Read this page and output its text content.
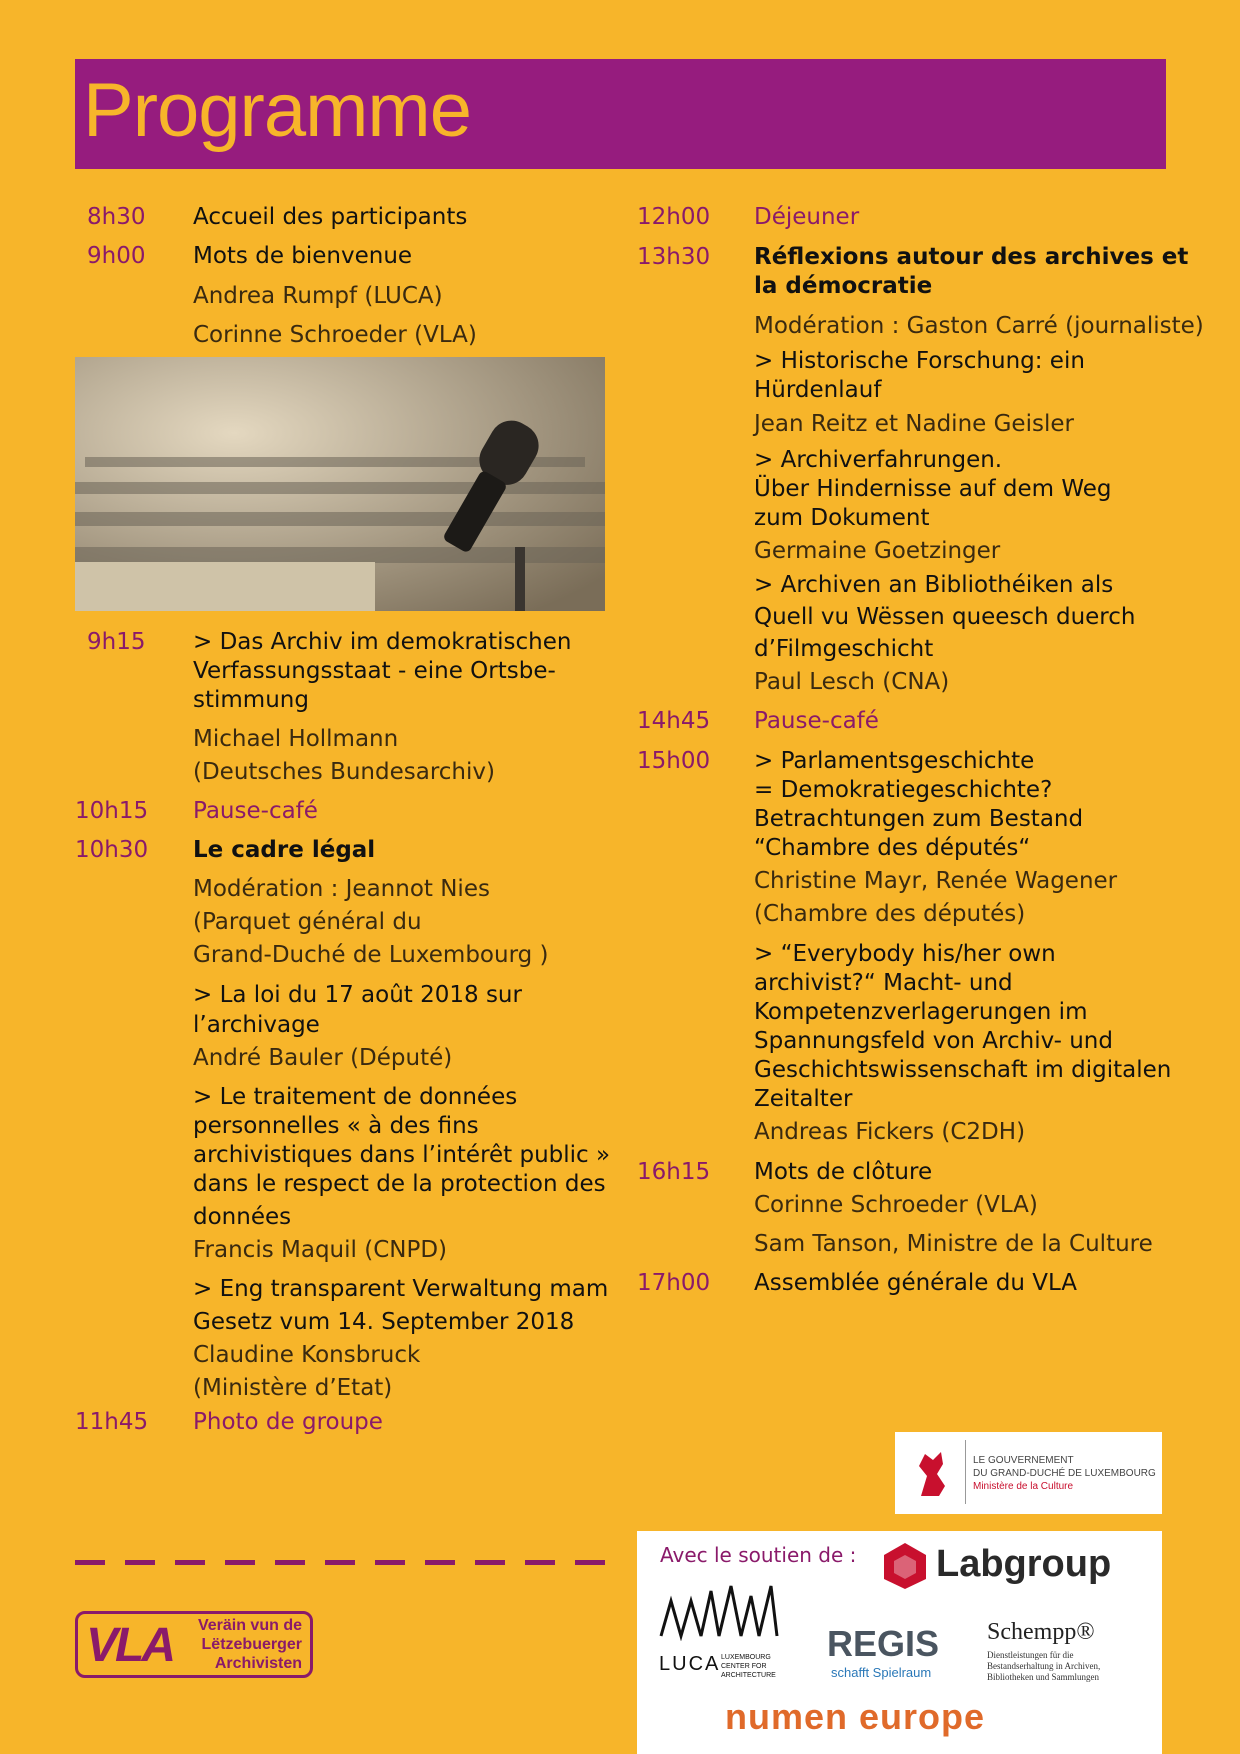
Programme
8h30 Accueil des participants
9h00 Mots de bienvenue
Andrea Rumpf (LUCA)
Corinne Schroeder (VLA)
9h15 > Das Archiv im demokratischen
Verfassungsstaat - eine Ortsbe-
stimmung
Michael Hollmann
(Deutsches Bundesarchiv)
10h15 Pause-café
10h30 Le cadre légal
Modération : Jeannot Nies
(Parquet général du
Grand-Duché de Luxembourg )
> La loi du 17 août 2018 sur
l’archivage
André Bauler (Député)
> Le traitement de données
personnelles « à des fins
archivistiques dans l’intérêt public »
dans le respect de la protection des
données
Francis Maquil (CNPD)
> Eng transparent Verwaltung mam
Gesetz vum 14. September 2018
Claudine Konsbruck
(Ministère d’Etat)
11h45 Photo de groupe
12h00 Déjeuner
13h30 Réflexions autour des archives et
la démocratie
Modération : Gaston Carré (journaliste)
> Historische Forschung: ein
Hürdenlauf
Jean Reitz et Nadine Geisler
> Archiverfahrungen.
Über Hindernisse auf dem Weg
zum Dokument
Germaine Goetzinger
> Archiven an Bibliothéiken als
Quell vu Wëssen queesch duerch
d’Filmgeschicht
Paul Lesch (CNA)
14h45 Pause-café
15h00 > Parlamentsgeschichte
= Demokratiegeschichte?
Betrachtungen zum Bestand
“Chambre des députés“
Christine Mayr, Renée Wagener
(Chambre des députés)
> “Everybody his/her own
archivist?“ Macht- und
Kompetenzverlagerungen im
Spannungsfeld von Archiv- und
Geschichtswissenschaft im digitalen
Zeitalter
Andreas Fickers (C2DH)
16h15 Mots de clôture
Corinne Schroeder (VLA)
Sam Tanson, Ministre de la Culture
17h00 Assemblée générale du VLA
VLA Veräin vun de
Lëtzebuerger
Archivisten
LE GOUVERNEMENT
DU GRAND-DUCHÉ DE LUXEMBOURG
Ministère de la Culture
Avec le soutien de : Labgroup
LUCA LUXEMBOURG CENTER FOR ARCHITECTURE
REGIS
schafft Spielraum
Schempp®
Dienstleistungen für die Bestandserhaltung in Archiven, Bibliotheken und Sammlungen
numen europe
